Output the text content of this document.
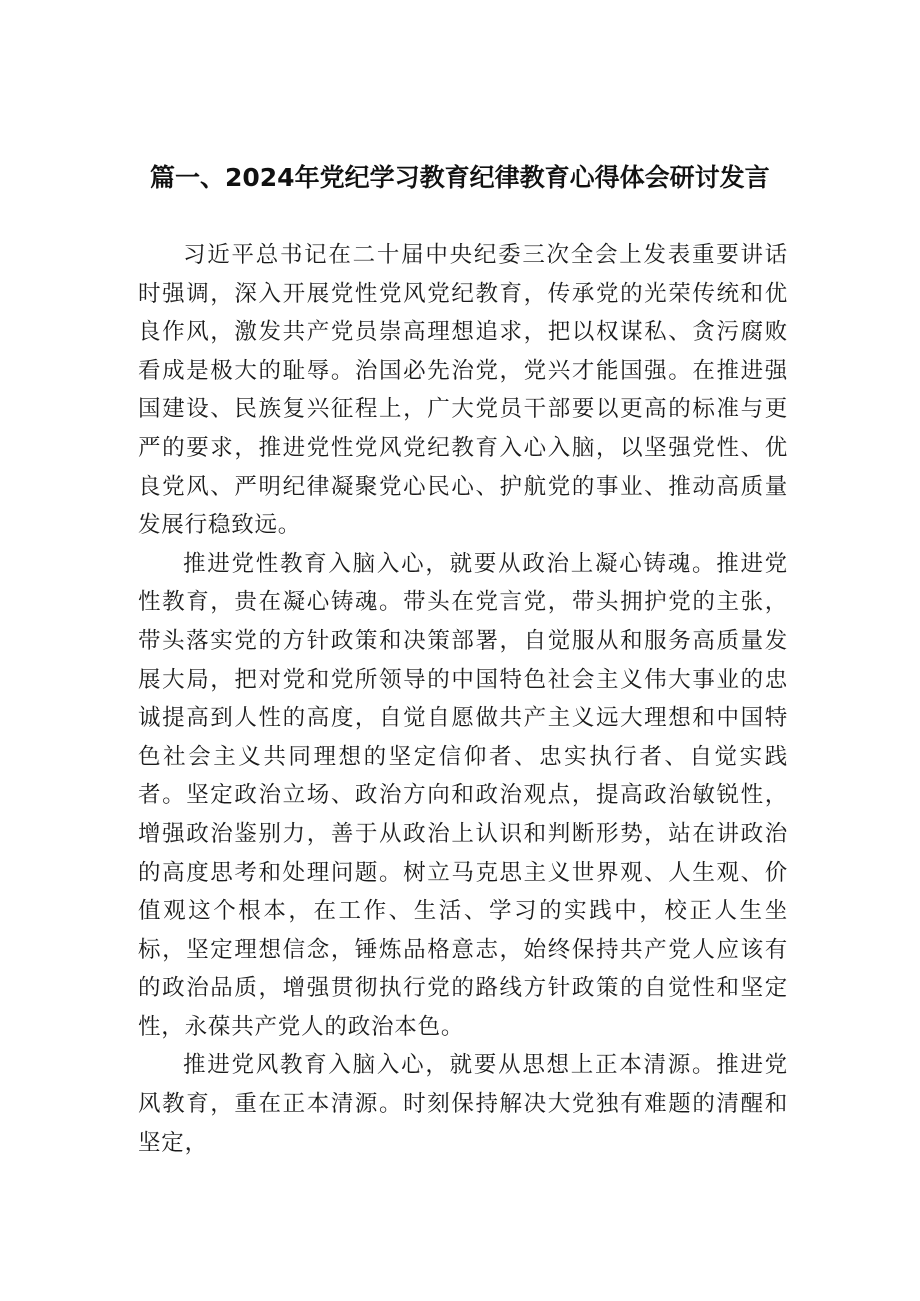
篇一、2024年党纪学习教育纪律教育心得体会研讨发言

习近平总书记在二十届中央纪委三次全会上发表重要讲话时强调，深入开展党性党风党纪教育，传承党的光荣传统和优良作风，激发共产党员崇高理想追求，把以权谋私、贪污腐败看成是极大的耻辱。治国必先治党，党兴才能国强。在推进强国建设、民族复兴征程上，广大党员干部要以更高的标准与更严的要求，推进党性党风党纪教育入心入脑，以坚强党性、优良党风、严明纪律凝聚党心民心、护航党的事业、推动高质量发展行稳致远。

推进党性教育入脑入心，就要从政治上凝心铸魂。推进党性教育，贵在凝心铸魂。带头在党言党，带头拥护党的主张，带头落实党的方针政策和决策部署，自觉服从和服务高质量发展大局，把对党和党所领导的中国特色社会主义伟大事业的忠诚提高到人性的高度，自觉自愿做共产主义远大理想和中国特色社会主义共同理想的坚定信仰者、忠实执行者、自觉实践者。坚定政治立场、政治方向和政治观点，提高政治敏锐性，增强政治鉴别力，善于从政治上认识和判断形势，站在讲政治的高度思考和处理问题。树立马克思主义世界观、人生观、价值观这个根本，在工作、生活、学习的实践中，校正人生坐标，坚定理想信念，锤炼品格意志，始终保持共产党人应该有的政治品质，增强贯彻执行党的路线方针政策的自觉性和坚定性，永葆共产党人的政治本色。

推进党风教育入脑入心，就要从思想上正本清源。推进党风教育，重在正本清源。时刻保持解决大党独有难题的清醒和坚定，
